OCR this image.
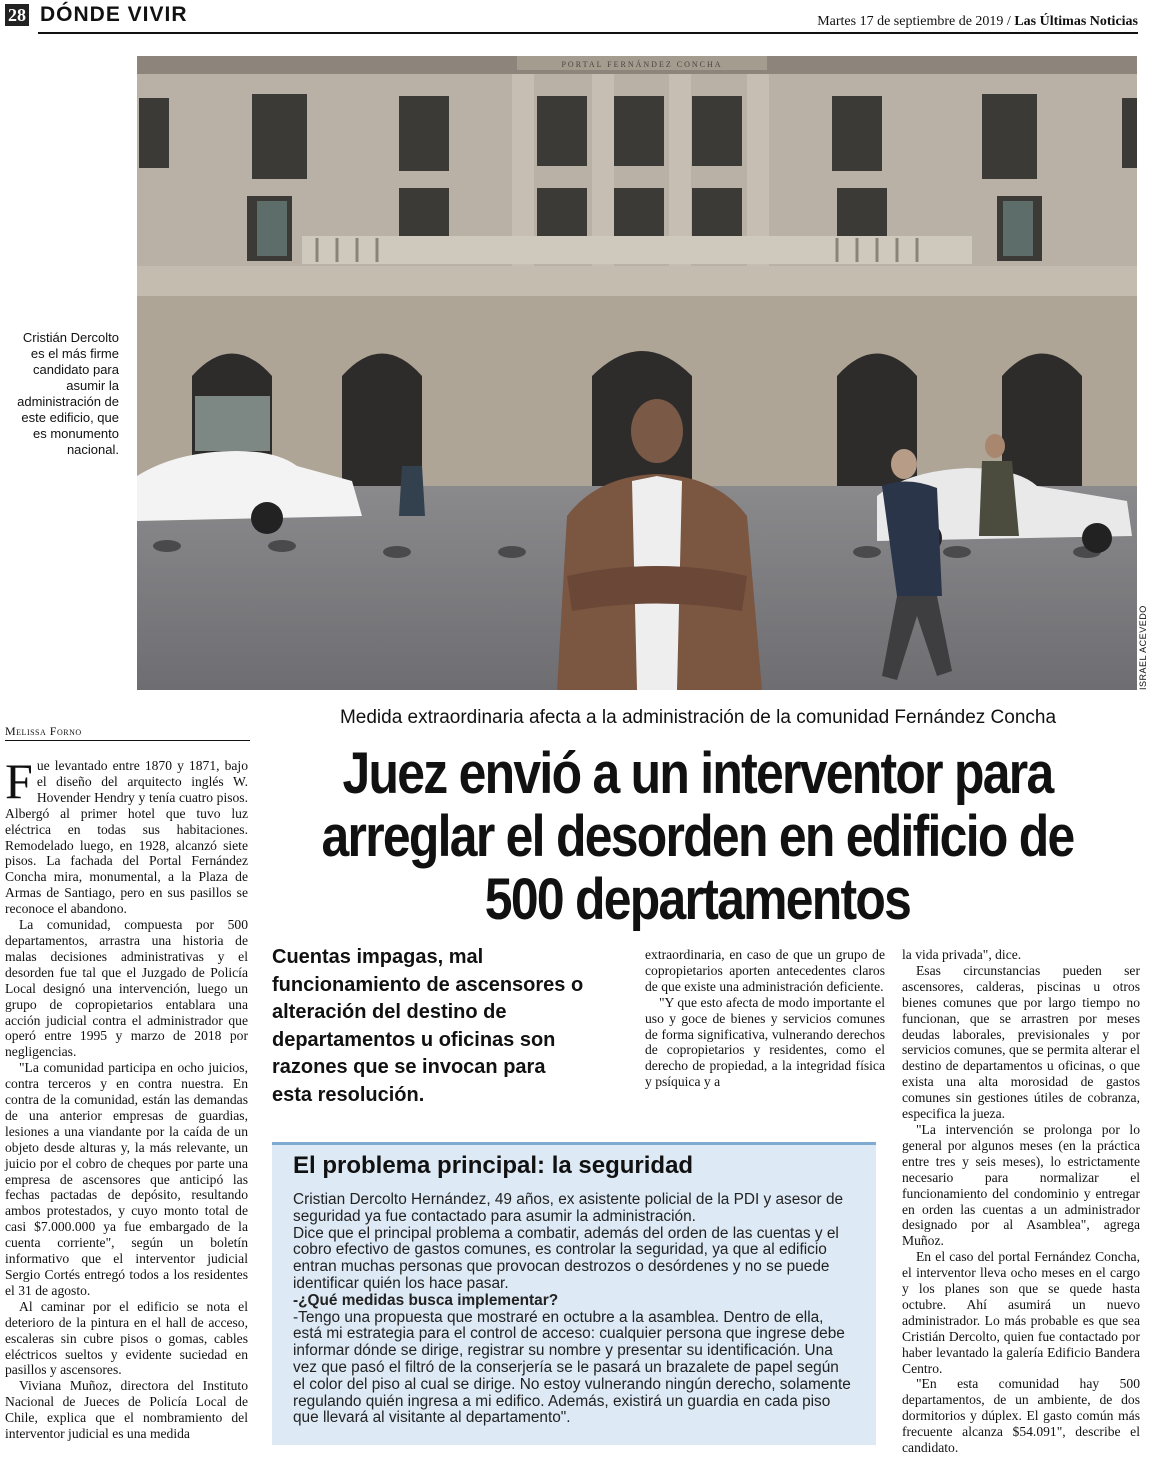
28 DÓNDE VIVIR	Martes 17 de septiembre de 2019 / Las Últimas Noticias
PORTAL FERNÁNDEZ CONCHA
ISRAEL ACEVEDO
Cristián Dercolto es el más firme candidato para asumir la administración de este edificio, que es monumento nacional.
Melissa Forno
Medida extraordinaria afecta a la administración de la comunidad Fernández Concha
Juez envió a un interventor para arreglar el desorden en edificio de 500 departamentos

Fue levantado entre 1870 y 1871, bajo el diseño del arquitecto inglés W. Hovender Hendry y tenía cuatro pisos. Albergó al primer hotel que tuvo luz eléctrica en todas sus habitaciones. Remodelado luego, en 1928, alcanzó siete pisos. La fachada del Portal Fernández Concha mira, monumental, a la Plaza de Armas de Santiago, pero en sus pasillos se reconoce el abandono.

La comunidad, compuesta por 500 departamentos, arrastra una historia de malas decisiones administrativas y el desorden fue tal que el Juzgado de Policía Local designó una intervención, luego un grupo de copropietarios entablara una acción judicial contra el administrador que operó entre 1995 y marzo de 2018 por negligencias.

"La comunidad participa en ocho juicios, contra terceros y en contra nuestra. En contra de la comunidad, están las demandas de una anterior empresas de guardias, lesiones a una viandante por la caída de un objeto desde alturas y, la más relevante, un juicio por el cobro de cheques por parte una empresa de ascensores que anticipó las fechas pactadas de depósito, resultando ambos protestados, y cuyo monto total de casi $7.000.000 ya fue embargado de la cuenta corriente", según un boletín informativo que el interventor judicial Sergio Cortés entregó todos a los residentes el 31 de agosto.

Al caminar por el edificio se nota el deterioro de la pintura en el hall de acceso, escaleras sin cubre pisos o gomas, cables eléctricos sueltos y evidente suciedad en pasillos y ascensores.

Viviana Muñoz, directora del Instituto Nacional de Jueces de Policía Local de Chile, explica que el nombramiento del interventor judicial es una medida

Cuentas impagas, mal funcionamiento de ascensores o alteración del destino de departamentos u oficinas son razones que se invocan para esta resolución.

extraordinaria, en caso de que un grupo de copropietarios aporten antecedentes claros de que existe una administración deficiente.

"Y que esto afecta de modo importante el uso y goce de bienes y servicios comunes de forma significativa, vulnerando derechos de copropietarios y residentes, como el derecho de propiedad, a la integridad física y psíquica y a

la vida privada", dice.

Esas circunstancias pueden ser ascensores, calderas, piscinas u otros bienes comunes que por largo tiempo no funcionan, que se arrastren por meses deudas laborales, previsionales y por servicios comunes, que se permita alterar el destino de departamentos u oficinas, o que exista una alta morosidad de gastos comunes sin gestiones útiles de cobranza, especifica la jueza.

"La intervención se prolonga por lo general por algunos meses (en la práctica entre tres y seis meses), lo estrictamente necesario para normalizar el funcionamiento del condominio y entregar en orden las cuentas a un administrador designado por al Asamblea", agrega Muñoz.

En el caso del portal Fernández Concha, el interventor lleva ocho meses en el cargo y los planes son que se quede hasta octubre. Ahí asumirá un nuevo administrador. Lo más probable es que sea Cristián Dercolto, quien fue contactado por haber levantado la galería Edificio Bandera Centro.

"En esta comunidad hay 500 departamentos, de un ambiente, de dos dormitorios y dúplex. El gasto común más frecuente alcanza $54.091", describe el candidato.

El problema principal: la seguridad

Cristian Dercolto Hernández, 49 años, ex asistente policial de la PDI y asesor de seguridad ya fue contactado para asumir la administración.

Dice que el principal problema a combatir, además del orden de las cuentas y el cobro efectivo de gastos comunes, es controlar la seguridad, ya que al edificio entran muchas personas que provocan destrozos o desórdenes y no se puede identificar quién los hace pasar.

-¿Qué medidas busca implementar?

-Tengo una propuesta que mostraré en octubre a la asamblea. Dentro de ella, está mi estrategia para el control de acceso: cualquier persona que ingrese debe informar dónde se dirige, registrar su nombre y presentar su identificación. Una vez que pasó el filtró de la conserjería se le pasará un brazalete de papel según el color del piso al cual se dirige. No estoy vulnerando ningún derecho, solamente regulando quién ingresa a mi edifico. Además, existirá un guardia en cada piso que llevará al visitante al departamento".
